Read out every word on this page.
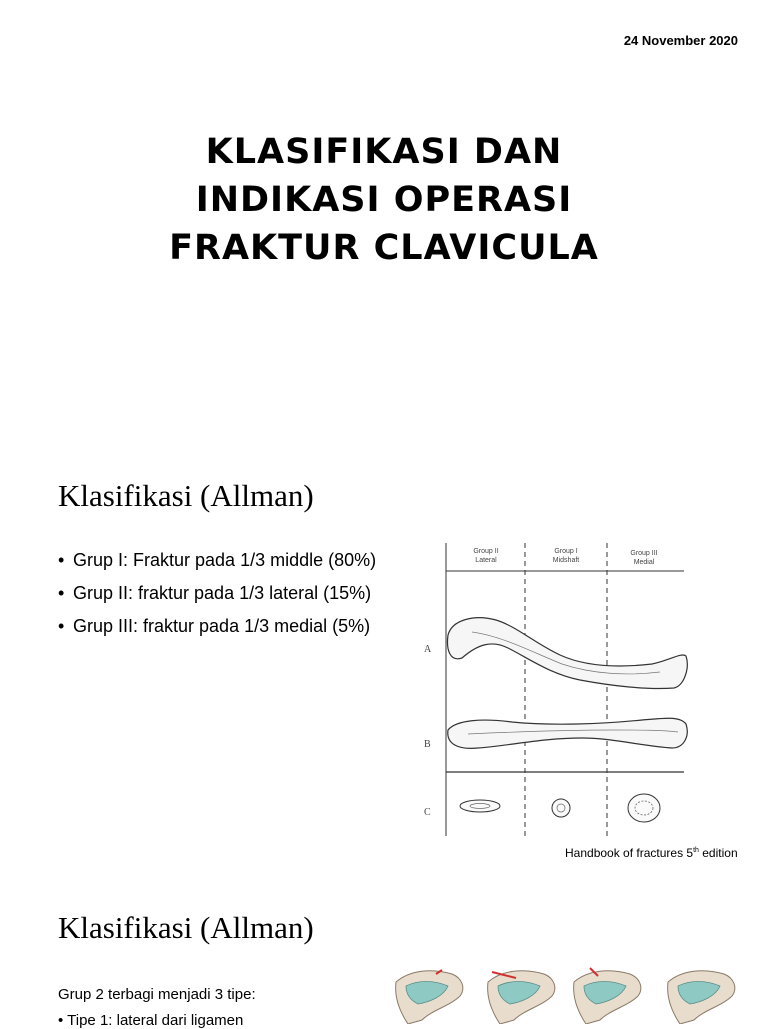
24 November 2020
KLASIFIKASI DAN
INDIKASI OPERASI
FRAKTUR CLAVICULA
Klasifikasi (Allman)
• Grup I: Fraktur pada 1/3 middle (80%)
• Grup II: fraktur pada 1/3 lateral (15%)
• Grup III: fraktur pada 1/3 medial (5%)
Group II
Lateral
Group I
Midshaft
Group III
Medial
A
B
C
Handbook of fractures 5th edition
Klasifikasi (Allman)
Grup 2 terbagi menjadi 3 tipe:
• Tipe 1: lateral dari ligamen
